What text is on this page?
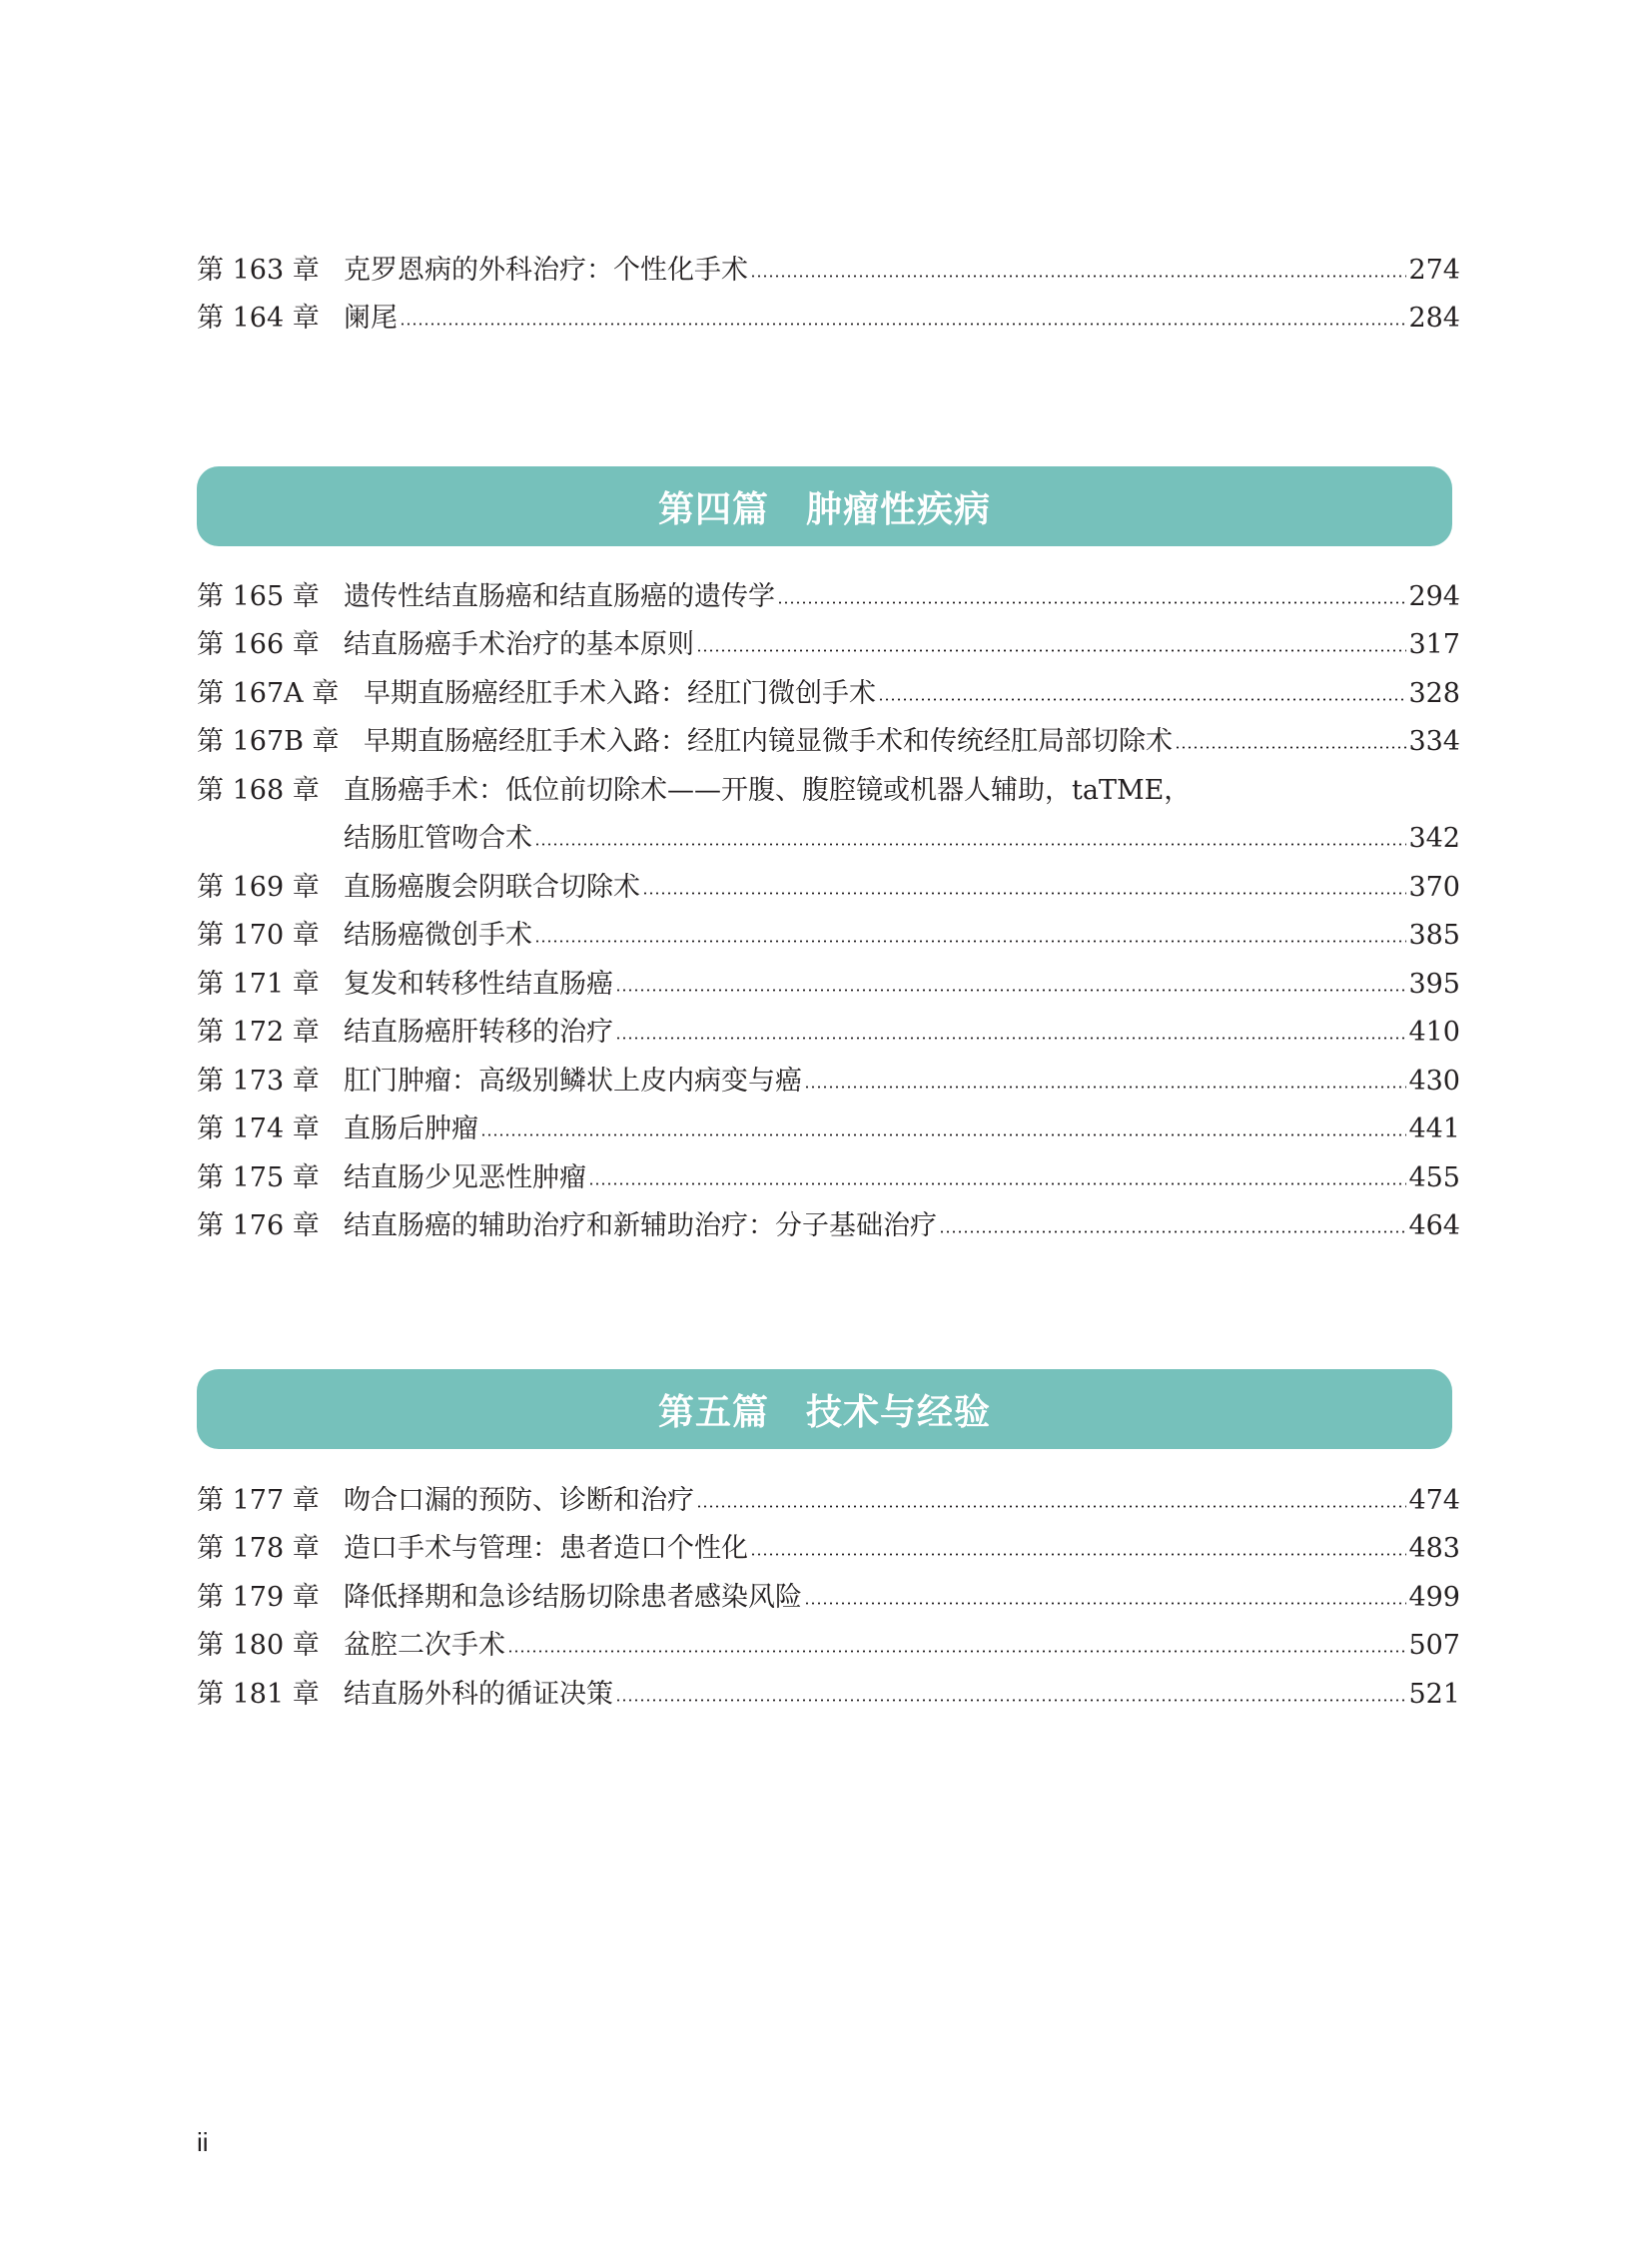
第 163 章 克罗恩病的外科治疗：个性化手术	274
第 164 章 阑尾	284
第四篇　肿瘤性疾病
第 165 章 遗传性结直肠癌和结直肠癌的遗传学	294
第 166 章 结直肠癌手术治疗的基本原则	317
第 167A 章 早期直肠癌经肛手术入路：经肛门微创手术	328
第 167B 章 早期直肠癌经肛手术入路：经肛内镜显微手术和传统经肛局部切除术	334
第 168 章 直肠癌手术：低位前切除术——开腹、腹腔镜或机器人辅助，taTME，
结肠肛管吻合术	342
第 169 章 直肠癌腹会阴联合切除术	370
第 170 章 结肠癌微创手术	385
第 171 章 复发和转移性结直肠癌	395
第 172 章 结直肠癌肝转移的治疗	410
第 173 章 肛门肿瘤：高级别鳞状上皮内病变与癌	430
第 174 章 直肠后肿瘤	441
第 175 章 结直肠少见恶性肿瘤	455
第 176 章 结直肠癌的辅助治疗和新辅助治疗：分子基础治疗	464
第五篇　技术与经验
第 177 章 吻合口漏的预防、诊断和治疗	474
第 178 章 造口手术与管理：患者造口个性化	483
第 179 章 降低择期和急诊结肠切除患者感染风险	499
第 180 章 盆腔二次手术	507
第 181 章 结直肠外科的循证决策	521
ii
